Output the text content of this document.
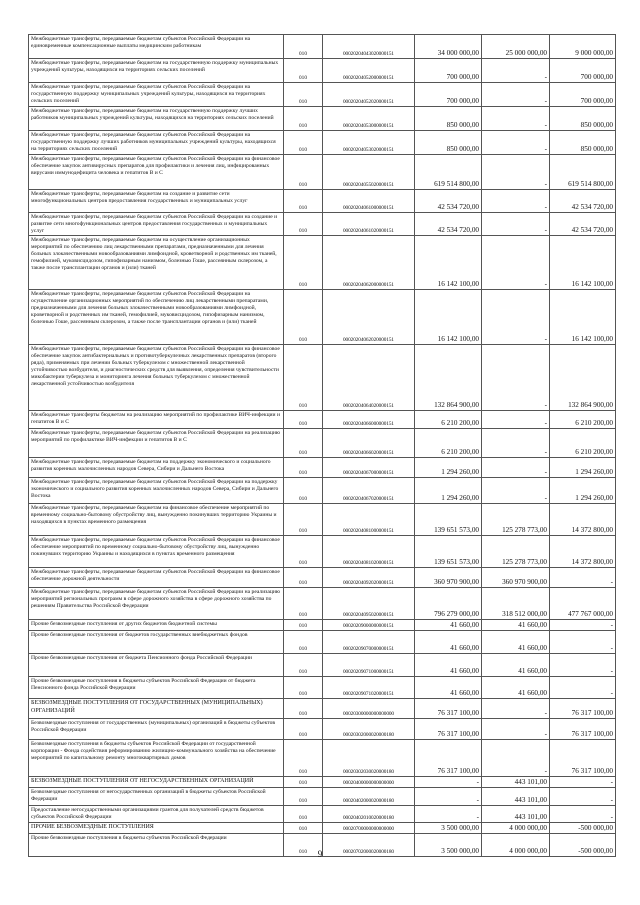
Межбюджетные трансферты, передаваемые бюджетам субъектов Российской Федерации на единовременные компенсационные выплаты медицинским работникам	010	00020204043020000151	34 000 000,00	25 000 000,00	9 000 000,00
Межбюджетные трансферты, передаваемые бюджетам на государственную поддержку муниципальных учреждений культуры, находящихся на территориях сельских поселений	010	00020204052000000151	700 000,00	-	700 000,00
Межбюджетные трансферты, передаваемые бюджетам субъектов Российской Федерации на государственную поддержку муниципальных учреждений культуры, находящихся на территориях сельских поселений	010	00020204052020000151	700 000,00	-	700 000,00
Межбюджетные трансферты, передаваемые бюджетам на государственную поддержку лучших работников муниципальных учреждений культуры, находящихся на территориях сельских поселений	010	00020204053000000151	850 000,00	-	850 000,00
Межбюджетные трансферты, передаваемые бюджетам субъектов Российской Федерации на государственную поддержку лучших работников муниципальных учреждений культуры, находящихся на территориях сельских поселений	010	00020204053020000151	850 000,00	-	850 000,00
Межбюджетные трансферты, передаваемые бюджетам субъектов Российской Федерации на финансовое обеспечение закупок антивирусных препаратов для профилактики и лечения лиц, инфицированных вирусами иммунодефицита человека и гепатитов В и С	010	00020204055020000151	619 514 800,00	-	619 514 800,00
Межбюджетные трансферты, передаваемые бюджетам на создание и развитие сети многофункциональных центров предоставления государственных и муниципальных услуг	010	00020204061000000151	42 534 720,00	-	42 534 720,00
Межбюджетные трансферты, передаваемые бюджетам субъектов Российской Федерации на создание и развитие сети многофункциональных центров предоставления государственных и муниципальных услуг	010	00020204061020000151	42 534 720,00	-	42 534 720,00
Межбюджетные трансферты, передаваемые бюджетам на осуществление организационных мероприятий по обеспечению лиц лекарственными препаратами, предназначенными для лечения больных злокачественными новообразованиями лимфоидной, кроветворной и родственных им тканей, гемофилией, муковисцидозом, гипофизарным нанизмом, болезнью Гоше, рассеянным склерозом, а также после трансплантации органов и (или) тканей	010	00020204062000000151	16 142 100,00	-	16 142 100,00
Межбюджетные трансферты, передаваемые бюджетам субъектов Российской Федерации на осуществление организационных мероприятий по обеспечению лиц лекарственными препаратами, предназначенными для лечения больных злокачественными новообразованиями лимфоидной, кроветворной и родственных им тканей, гемофилией, муковисцидозом, гипофизарным нанизмом, болезнью Гоше, рассеянным склерозом, а также после трансплантации органов и (или) тканей	010	00020204062020000151	16 142 100,00	-	16 142 100,00
Межбюджетные трансферты, передаваемые бюджетам субъектов Российской Федерации на финансовое обеспечение закупок антибактериальных и противотуберкулезных лекарственных препаратов (второго ряда), применяемых при лечении больных туберкулезом с множественной лекарственной устойчивостью возбудителя, и диагностических средств для выявления, определения чувствительности микобактерии туберкулеза и мониторинга лечения больных туберкулезом с множественной лекарственной устойчивостью возбудителя	010	00020204064020000151	132 864 900,00	-	132 864 900,00
Межбюджетные трансферты бюджетам на реализацию мероприятий по профилактике ВИЧ-инфекции и гепатитов В и С	010	00020204066000000151	6 210 200,00	-	6 210 200,00
Межбюджетные трансферты, передаваемые бюджетам субъектов Российской Федерации на реализацию мероприятий по профилактике ВИЧ-инфекции и гепатитов В и С	010	00020204066020000151	6 210 200,00	-	6 210 200,00
Межбюджетные трансферты, передаваемые бюджетам на поддержку экономического и социального развития коренных малочисленных народов Севера, Сибири и Дальнего Востока	010	00020204067000000151	1 294 260,00	-	1 294 260,00
Межбюджетные трансферты, передаваемые бюджетам субъектов Российской Федерации на поддержку экономического и социального развития коренных малочисленных народов Севера, Сибири и Дальнего Востока	010	00020204067020000151	1 294 260,00	-	1 294 260,00
Межбюджетные трансферты, передаваемые бюджетам на финансовое обеспечение мероприятий по временному социально-бытовому обустройству лиц, вынужденно покинувших территорию Украины и находящихся в пунктах временного размещения	010	00020204081000000151	139 651 573,00	125 278 773,00	14 372 800,00
Межбюджетные трансферты, передаваемые бюджетам субъектов Российской Федерации на финансовое обеспечение мероприятий по временному социально-бытовому обустройству лиц, вынужденно покинувших территорию Украины и находящихся в пунктах временного размещения	010	00020204081020000151	139 651 573,00	125 278 773,00	14 372 800,00
Межбюджетные трансферты, передаваемые бюджетам субъектов Российской Федерации на финансовое обеспечение дорожной деятельности	010	00020204092020000151	360 970 900,00	360 970 900,00	-
Межбюджетные трансферты, передаваемые бюджетам субъектов Российской Федерации на реализацию мероприятий региональных программ в сфере дорожного хозяйства в сфере дорожного хозяйства по решениям Правительства Российской Федерации	010	00020204095020000151	796 279 000,00	318 512 000,00	477 767 000,00
Прочие безвозмездные поступления от других бюджетов бюджетной системы	010	00020209000000000151	41 660,00	41 660,00	-
Прочие безвозмездные поступления от бюджетов государственных внебюджетных фондов	010	00020209070000000151	41 660,00	41 660,00	-
Прочие безвозмездные поступления от бюджета Пенсионного фонда Российской Федерации	010	00020209071000000151	41 660,00	41 660,00	-
Прочие безвозмездные поступления в бюджеты субъектов Российской Федерации от бюджета Пенсионного фонда Российской Федерации	010	00020209071020000151	41 660,00	41 660,00	-
БЕЗВОЗМЕЗДНЫЕ ПОСТУПЛЕНИЯ ОТ ГОСУДАРСТВЕННЫХ (МУНИЦИПАЛЬНЫХ) ОРГАНИЗАЦИЙ	010	00020300000000000000	76 317 100,00	-	76 317 100,00
Безвозмездные поступления от государственных (муниципальных) организаций в бюджеты субъектов Российской Федерации	010	00020302000020000180	76 317 100,00	-	76 317 100,00
Безвозмездные поступления в бюджеты субъектов Российской Федерации от государственной корпорации - Фонда содействия реформированию жилищно-коммунального хозяйства на обеспечение мероприятий по капитальному ремонту многоквартирных домов	010	00020302030020000180	76 317 100,00	-	76 317 100,00
БЕЗВОЗМЕЗДНЫЕ ПОСТУПЛЕНИЯ ОТ НЕГОСУДАРСТВЕННЫХ ОРГАНИЗАЦИЙ	010	00020400000000000000	-	443 101,00	-
Безвозмездные поступления от негосударственных организаций в бюджеты субъектов Российской Федерации	010	00020402000020000180	-	443 101,00	-
Предоставление негосударственными организациями грантов для получателей средств бюджетов субъектов Российской Федерации	010	00020402010020000180	-	443 101,00	-
ПРОЧИЕ БЕЗВОЗМЕЗДНЫЕ ПОСТУПЛЕНИЯ	010	00020700000000000000	3 500 000,00	4 000 000,00	-500 000,00
Прочие безвозмездные поступления в бюджеты субъектов Российской Федерации	010	00020702000020000180	3 500 000,00	4 000 000,00	-500 000,00
9
